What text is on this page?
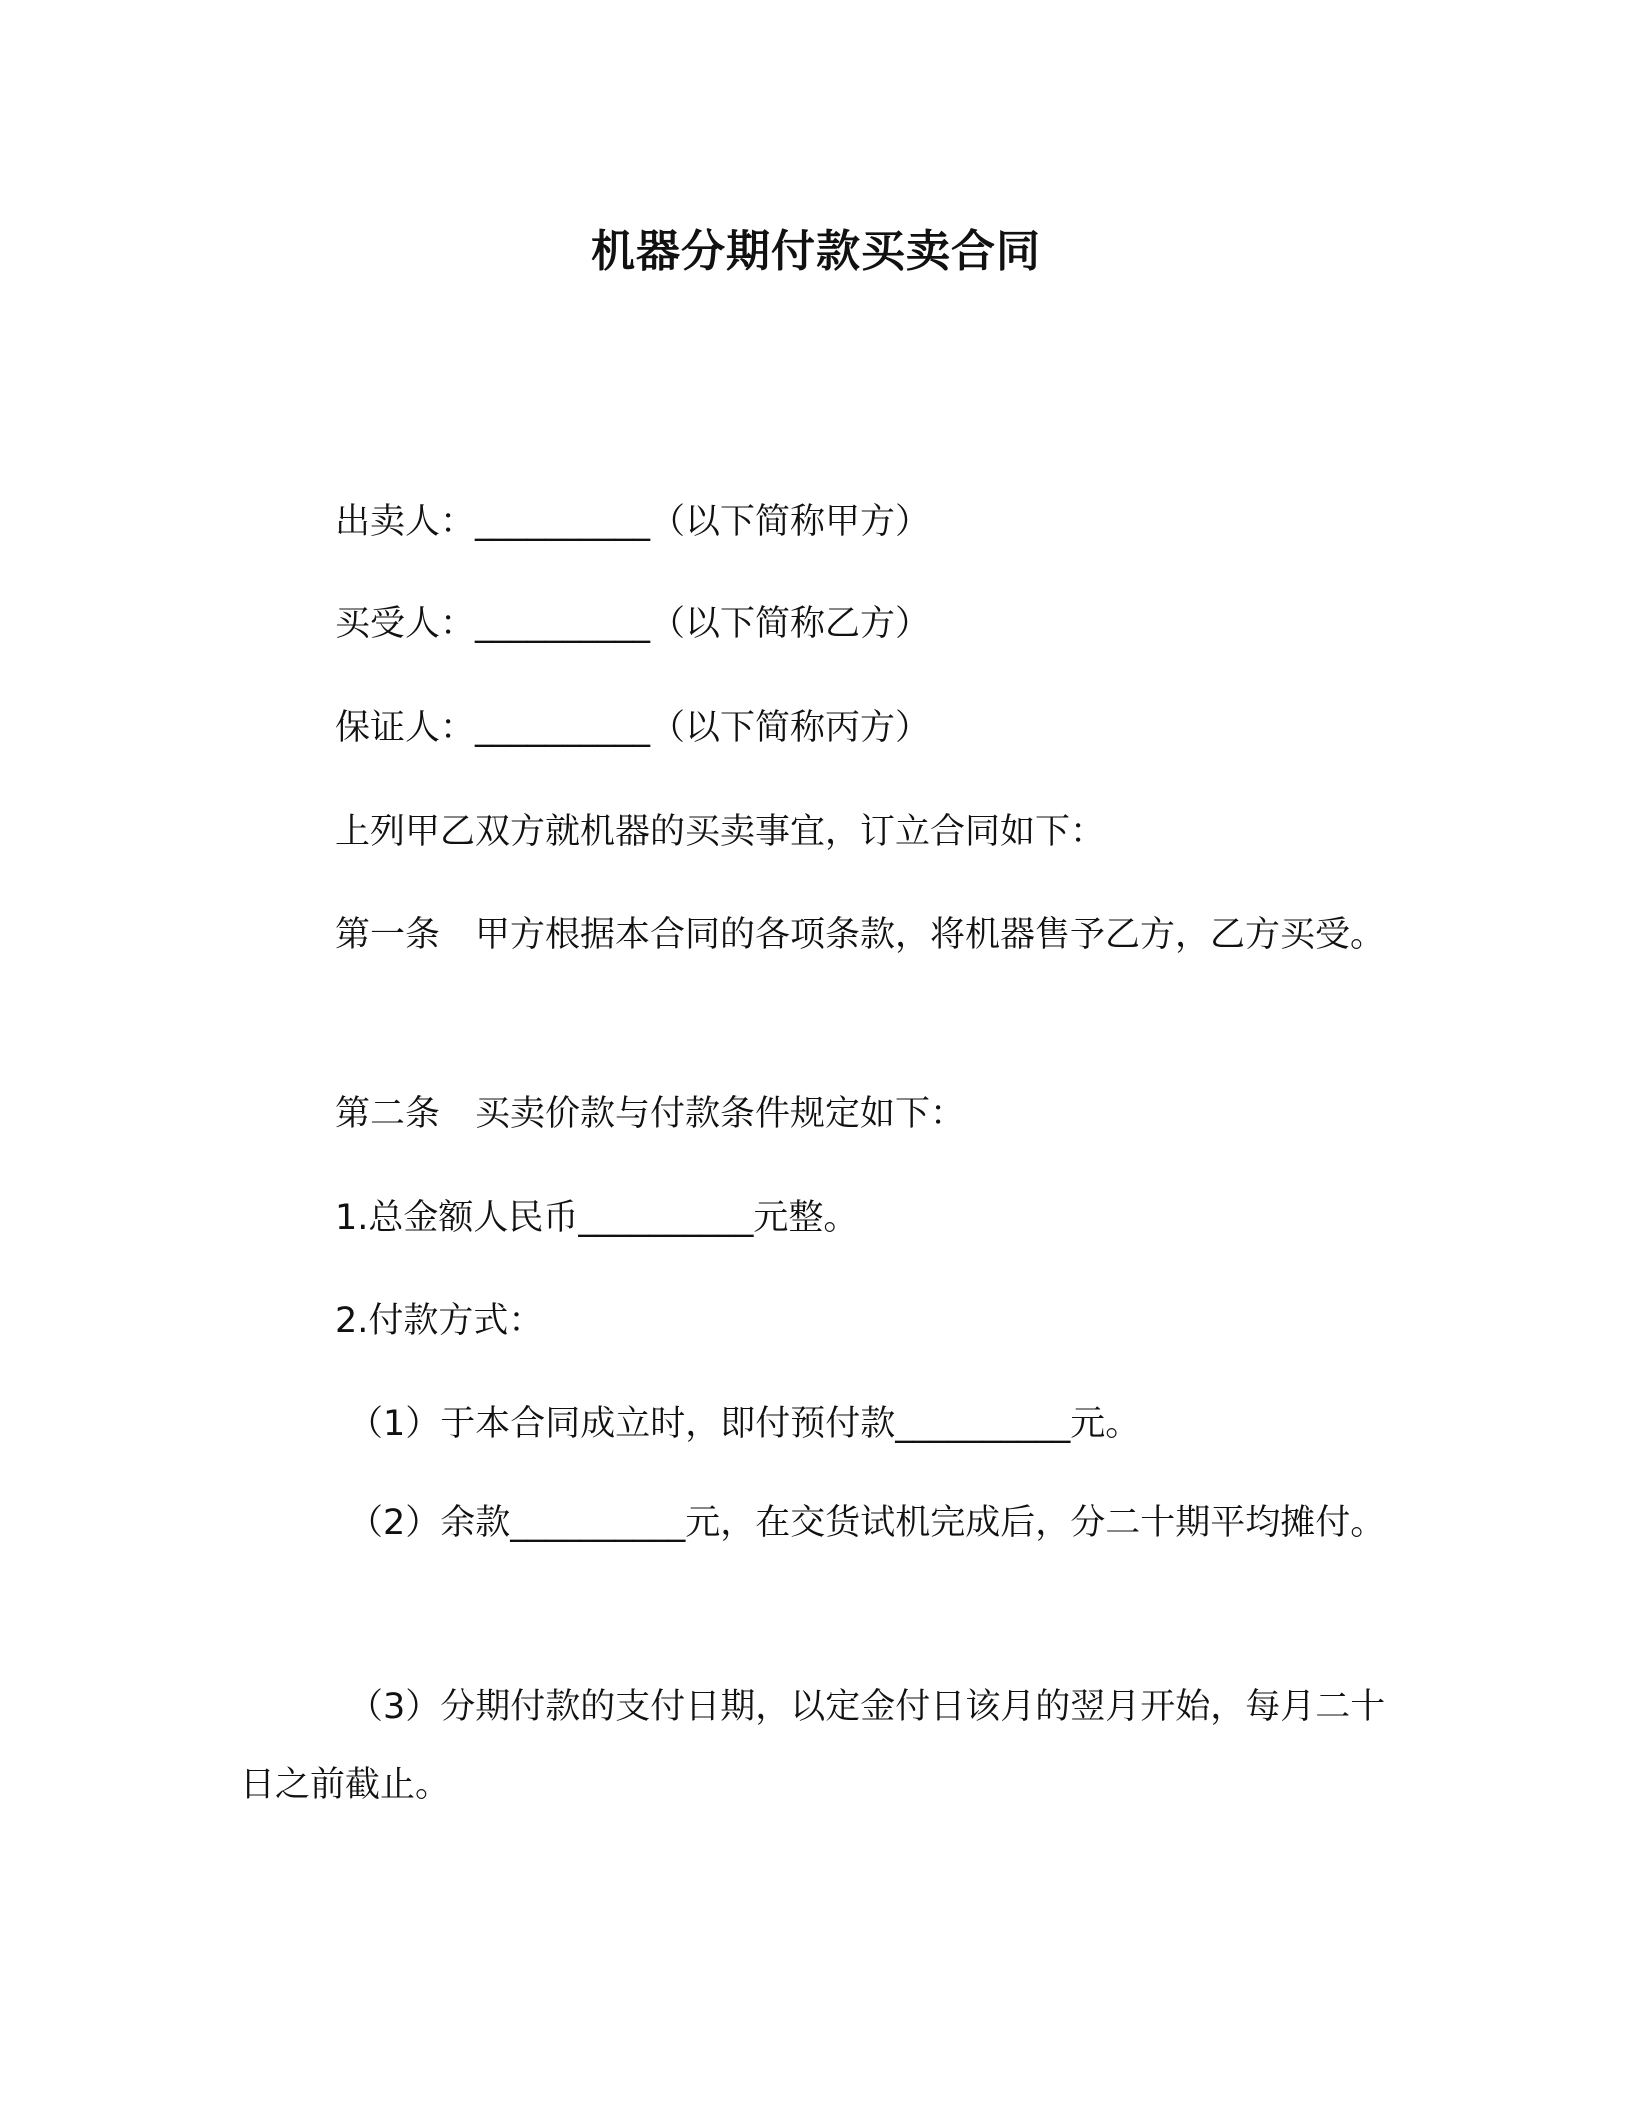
机器分期付款买卖合同
出卖人：__________（以下简称甲方）
买受人：__________（以下简称乙方）
保证人：__________（以下简称丙方）
上列甲乙双方就机器的买卖事宜，订立合同如下：
第一条　甲方根据本合同的各项条款，将机器售予乙方，乙方买受。
第二条　买卖价款与付款条件规定如下：
1.总金额人民币__________元整。
2.付款方式：
（1）于本合同成立时，即付预付款__________元。
（2）余款__________元，在交货试机完成后，分二十期平均摊付。
（3）分期付款的支付日期，以定金付日该月的翌月开始，每月二十日之前截止。
